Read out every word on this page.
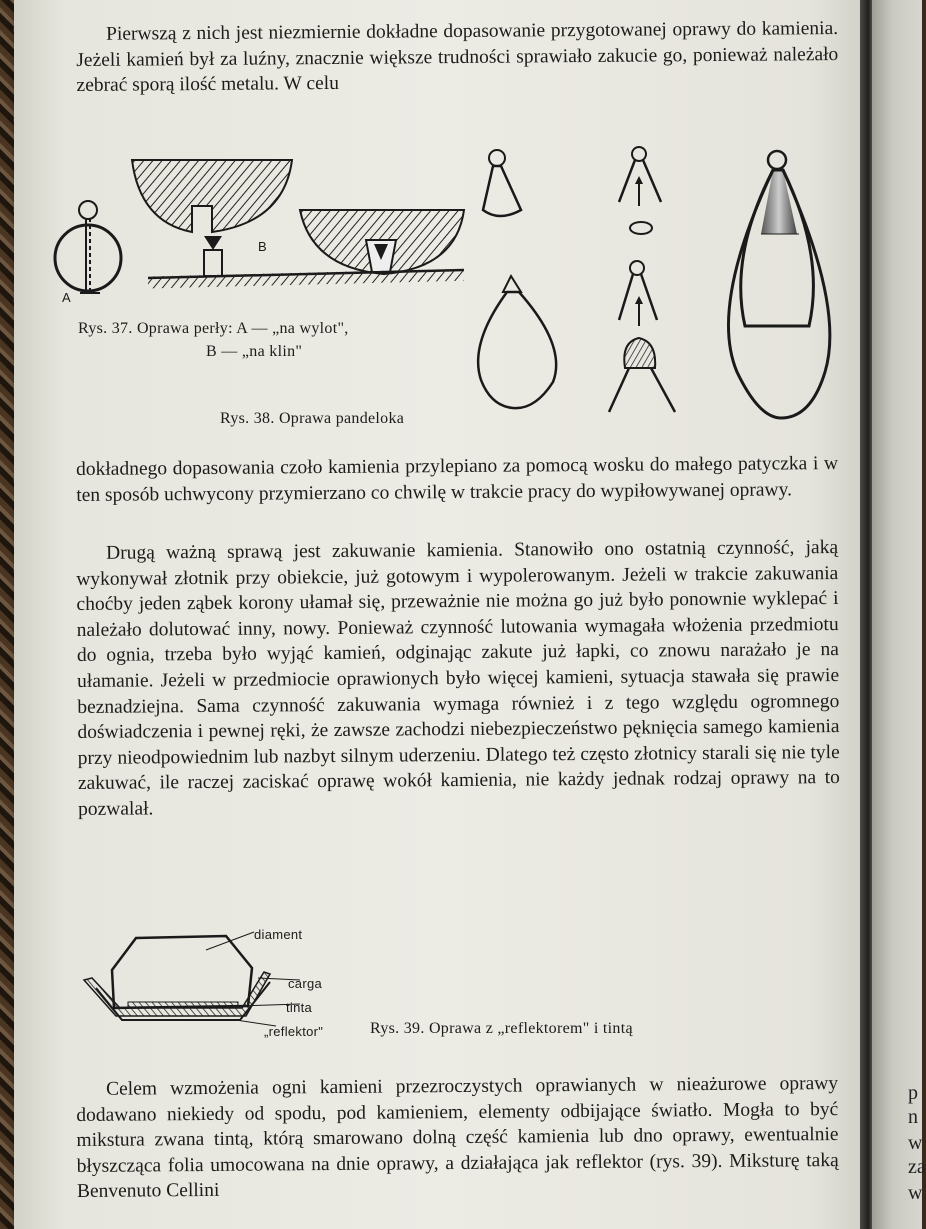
Pierwszą z nich jest niezmiernie dokładne dopasowanie przygotowanej oprawy do kamienia. Jeżeli kamień był za luźny, znacznie większe trudności sprawiało zakucie go, ponieważ należało zebrać sporą ilość metalu. W celu

A
B
Rys. 37. Oprawa perły: A — „na wylot",
B — „na klin"
Rys. 38. Oprawa pandeloka

dokładnego dopasowania czoło kamienia przylepiano za pomocą wosku do małego patyczka i w ten sposób uchwycony przymierzano co chwilę w trakcie pracy do wypiłowywanej oprawy.

Drugą ważną sprawą jest zakuwanie kamienia. Stanowiło ono ostatnią czynność, jaką wykonywał złotnik przy obiekcie, już gotowym i wypolerowanym. Jeżeli w trakcie zakuwania choćby jeden ząbek korony ułamał się, przeważnie nie można go już było ponownie wyklepać i należało dolutować inny, nowy. Ponieważ czynność lutowania wymagała włożenia przedmiotu do ognia, trzeba było wyjąć kamień, odginając zakute już łapki, co znowu narażało je na ułamanie. Jeżeli w przedmiocie oprawionych było więcej kamieni, sytuacja stawała się prawie beznadziejna. Sama czynność zakuwania wymaga również i z tego względu ogromnego doświadczenia i pewnej ręki, że zawsze zachodzi niebezpieczeństwo pęknięcia samego kamienia przy nieodpowiednim lub nazbyt silnym uderzeniu. Dlatego też często złotnicy starali się nie tyle zakuwać, ile raczej zaciskać oprawę wokół kamienia, nie każdy jednak rodzaj oprawy na to pozwalał.

diament
carga
tinta
„reflektor"	Rys. 39. Oprawa z „reflektorem" i tintą

Celem wzmożenia ogni kamieni przezroczystych oprawianych w nieażurowe oprawy dodawano niekiedy od spodu, pod kamieniem, elementy odbijające światło. Mogła to być mikstura zwana tintą, którą smarowano dolną część kamienia lub dno oprawy, ewentualnie błyszcząca folia umocowana na dnie oprawy, a działająca jak reflektor (rys. 39). Miksturę taką Benvenuto Cellini

p
n
w
za
w
